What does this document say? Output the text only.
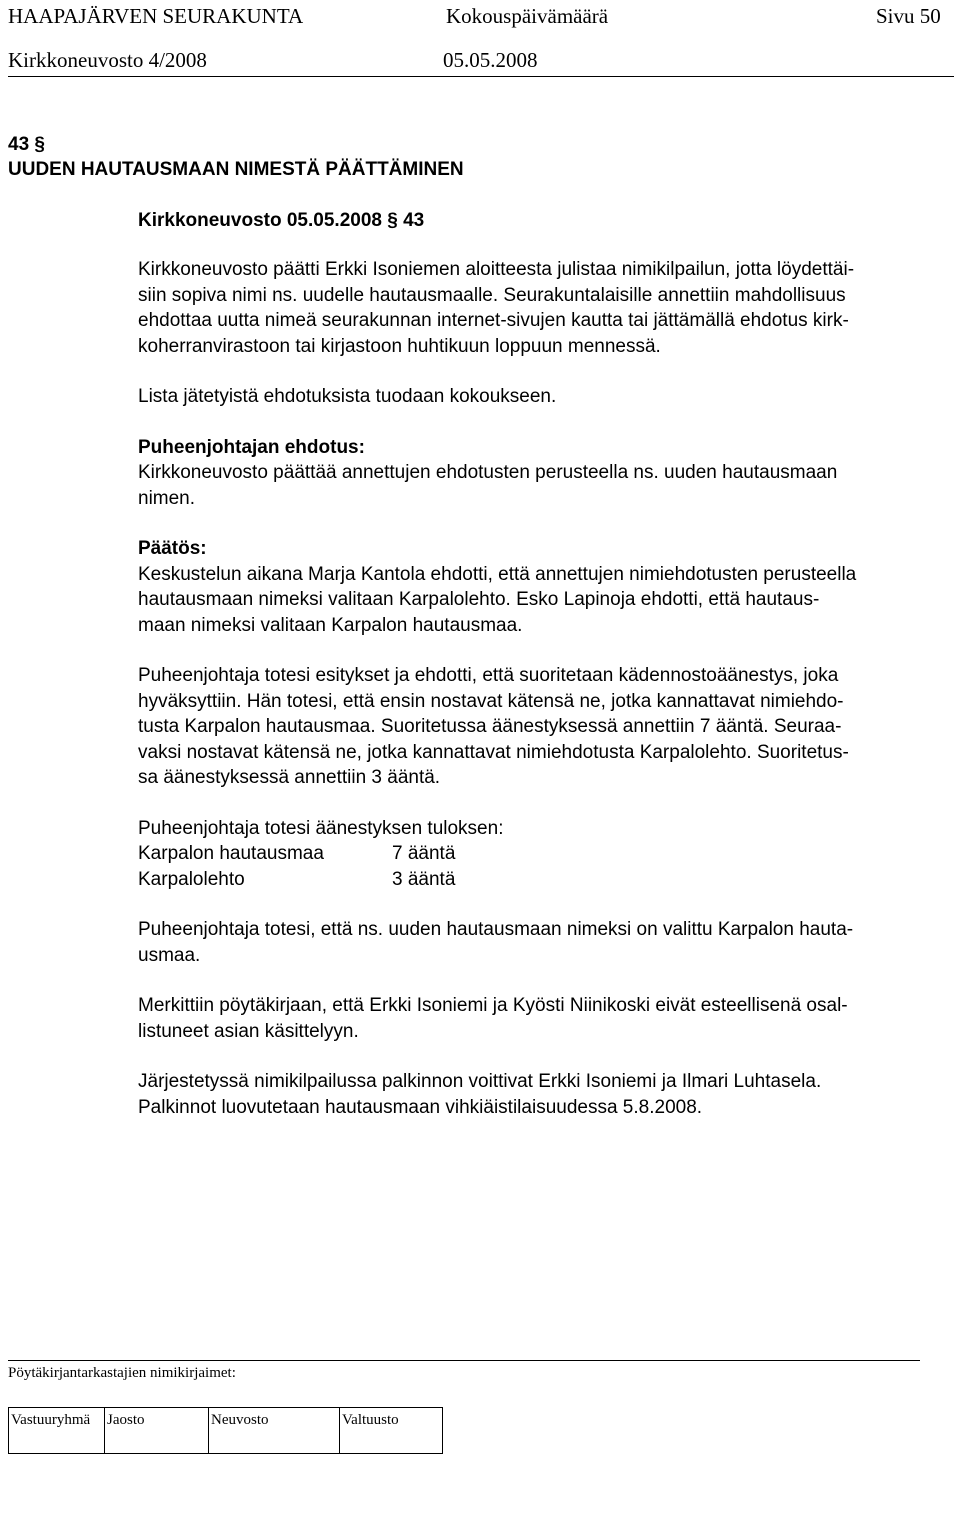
HAAPAJÄRVEN SEURAKUNTA	Kokouspäivämäärä	Sivu 50
Kirkkoneuvosto 4/2008	05.05.2008
43 §
UUDEN HAUTAUSMAAN NIMESTÄ PÄÄTTÄMINEN
Kirkkoneuvosto 05.05.2008 § 43

Kirkkoneuvosto päätti Erkki Isoniemen aloitteesta julistaa nimikilpailun, jotta löydettäi-
siin sopiva nimi ns. uudelle hautausmaalle. Seurakuntalaisille annettiin mahdollisuus
ehdottaa uutta nimeä seurakunnan internet-sivujen kautta tai jättämällä ehdotus kirk-
koherranvirastoon tai kirjastoon huhtikuun loppuun mennessä.

Lista jätetyistä ehdotuksista tuodaan kokoukseen.

Puheenjohtajan ehdotus:

Kirkkoneuvosto päättää annettujen ehdotusten perusteella ns. uuden hautausmaan
nimen.

Päätös:

Keskustelun aikana Marja Kantola ehdotti, että annettujen nimiehdotusten perusteella
hautausmaan nimeksi valitaan Karpalolehto. Esko Lapinoja ehdotti, että hautaus-
maan nimeksi valitaan Karpalon hautausmaa.

Puheenjohtaja totesi esitykset ja ehdotti, että suoritetaan kädennostoäänestys, joka
hyväksyttiin. Hän totesi, että ensin nostavat kätensä ne, jotka kannattavat nimiehdo-
tusta Karpalon hautausmaa. Suoritetussa äänestyksessä annettiin 7 ääntä. Seuraa-
vaksi nostavat kätensä ne, jotka kannattavat nimiehdotusta Karpalolehto. Suoritetus-
sa äänestyksessä annettiin 3 ääntä.

Puheenjohtaja totesi äänestyksen tuloksen:

Karpalon hautausmaa	7 ääntä
Karpalolehto	3 ääntä

Puheenjohtaja totesi, että ns. uuden hautausmaan nimeksi on valittu Karpalon hauta-
usmaa.

Merkittiin pöytäkirjaan, että Erkki Isoniemi ja Kyösti Niinikoski eivät esteellisenä osal-
listuneet asian käsittelyyn.

Järjestetyssä nimikilpailussa palkinnon voittivat Erkki Isoniemi ja Ilmari Luhtasela.
Palkinnot luovutetaan hautausmaan vihkiäistilaisuudessa 5.8.2008.

Pöytäkirjantarkastajien nimikirjaimet:
Vastuuryhmä	Jaosto	Neuvosto	Valtuusto
